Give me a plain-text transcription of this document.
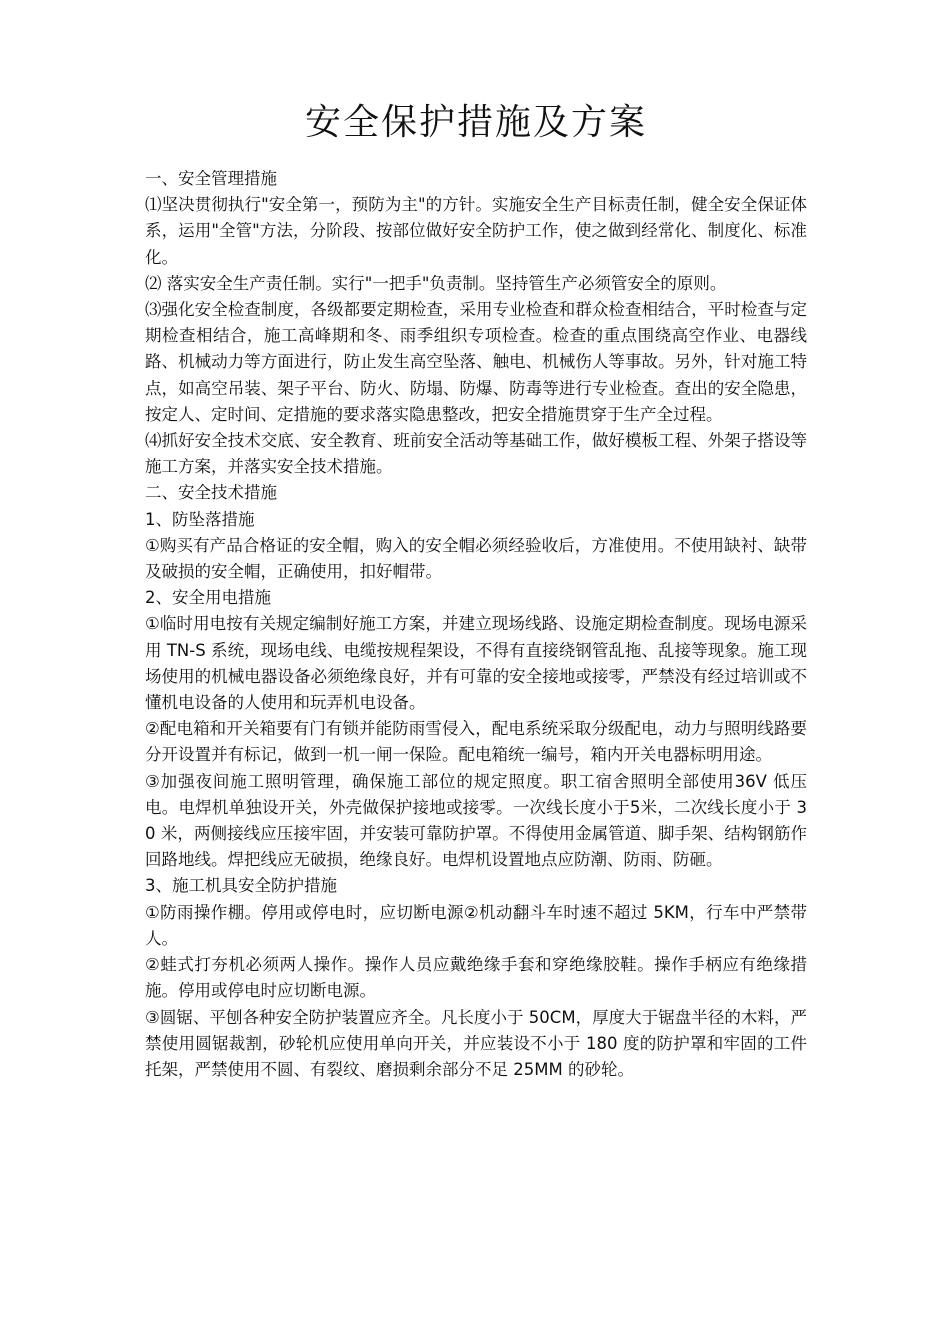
安全保护措施及方案

一、安全管理措施

⑴坚决贯彻执行"安全第一，预防为主"的方针。实施安全生产目标责任制，健全安全保证体系，运用"全管"方法，分阶段、按部位做好安全防护工作，使之做到经常化、制度化、标准化。

⑵ 落实安全生产责任制。实行"一把手"负责制。坚持管生产必须管安全的原则。

⑶强化安全检查制度，各级都要定期检查，采用专业检查和群众检查相结合，平时检查与定期检查相结合，施工高峰期和冬、雨季组织专项检查。检查的重点围绕高空作业、电器线路、机械动力等方面进行，防止发生高空坠落、触电、机械伤人等事故。另外，针对施工特点，如高空吊装、架子平台、防火、防塌、防爆、防毒等进行专业检查。查出的安全隐患，按定人、定时间、定措施的要求落实隐患整改，把安全措施贯穿于生产全过程。

⑷抓好安全技术交底、安全教育、班前安全活动等基础工作，做好模板工程、外架子搭设等施工方案，并落实安全技术措施。

二、安全技术措施

1、防坠落措施

①购买有产品合格证的安全帽，购入的安全帽必须经验收后，方准使用。不使用缺衬、缺带及破损的安全帽，正确使用，扣好帽带。

2、安全用电措施

①临时用电按有关规定编制好施工方案，并建立现场线路、设施定期检查制度。现场电源采用 TN-S 系统，现场电线、电缆按规程架设，不得有直接绕钢管乱拖、乱接等现象。施工现场使用的机械电器设备必须绝缘良好，并有可靠的安全接地或接零，严禁没有经过培训或不懂机电设备的人使用和玩弄机电设备。

②配电箱和开关箱要有门有锁并能防雨雪侵入，配电系统采取分级配电，动力与照明线路要分开设置并有标记，做到一机一闸一保险。配电箱统一编号，箱内开关电器标明用途。

③加强夜间施工照明管理，确保施工部位的规定照度。职工宿舍照明全部使用36V 低压电。电焊机单独设开关，外壳做保护接地或接零。一次线长度小于5米，二次线长度小于 30 米，两侧接线应压接牢固，并安装可靠防护罩。不得使用金属管道、脚手架、结构钢筋作回路地线。焊把线应无破损，绝缘良好。电焊机设置地点应防潮、防雨、防砸。

3、施工机具安全防护措施

①防雨操作棚。停用或停电时，应切断电源②机动翻斗车时速不超过 5KM，行车中严禁带人。

②蛙式打夯机必须两人操作。操作人员应戴绝缘手套和穿绝缘胶鞋。操作手柄应有绝缘措施。停用或停电时应切断电源。

③圆锯、平刨各种安全防护装置应齐全。凡长度小于 50CM，厚度大于锯盘半径的木料，严禁使用圆锯裁割，砂轮机应使用单向开关，并应装设不小于 180 度的防护罩和牢固的工件托架，严禁使用不圆、有裂纹、磨损剩余部分不足 25MM 的砂轮。
